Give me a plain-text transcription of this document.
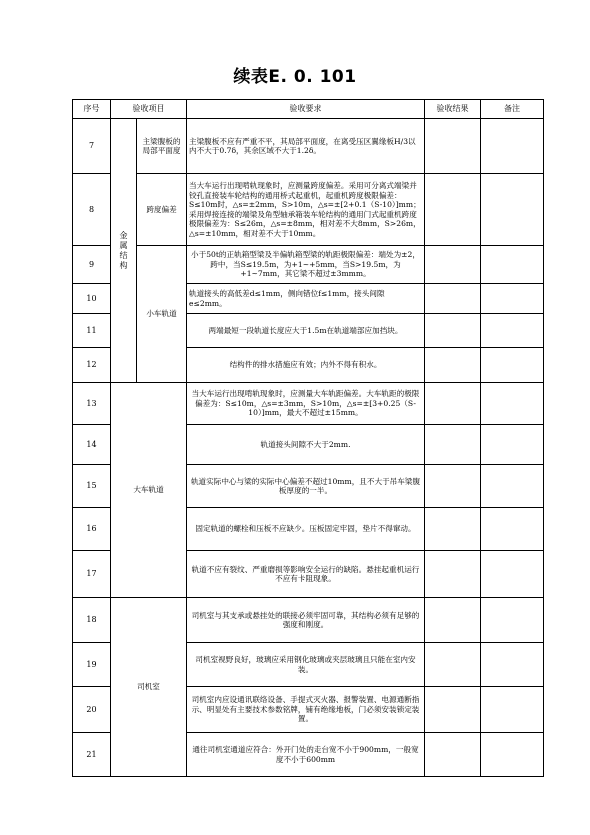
续表E. 0. 101
序号	验收项目		验收要求	验收结果	备注
7	金属结构	主梁腹板的局部平面度	主梁腹板不应有严重不平，其局部平面度，在离受压区翼缘板H/3以内不大于0.7δ，其余区域不大于1.2δ。		
8		跨度偏差	当大车运行出现啃轨现象时，应测量跨度偏差。采用可分离式端梁并铰孔直接装车轮结构的通用桥式起重机，起重机跨度极限偏差：S≤10m时，△s=±2mm，S>10m，△s=±[2+0.1（S-10）]mm；采用焊接连接的端梁及角型轴承箱装车轮结构的通用门式起重机跨度极限偏差为：S≤26m，△s=±8mm，相对差不大8mm，S>26m，△s=±10mm，相对差不大于10mm。		
9		小车轨道	小于50t的正轨箱型梁及半偏轨箱型梁的轨距极限偏差：端处为±2，跨中，当S≤19.5m，为+1~+5mm，当S>19.5m，为+1~7mm，其它梁不超过±3mmm。		
10			轨道接头的高低差d≤1mm，侧向错位f≤1mm，接头间隙e≤2mm。		
11			两端最短一段轨道长度应大于1.5m在轨道端部应加挡块。		
12			结构件的排水措施应有效；内外不得有积水。		
13	大车轨道		当大车运行出现啃轨现象时，应测量大车轨距偏差。大车轨距的极限偏差为：S≤10m，△s=±3mm，S>10m，△s=±[3+0.25（S-10）]mm，最大不超过±15mm。		
14			轨道接头间隙不大于2mm.		
15			轨道实际中心与梁的实际中心偏差不超过10mm，且不大于吊车梁腹板厚度的一半。		
16			固定轨道的螺栓和压板不应缺少。压板固定牢固，垫片不得窜动。		
17			轨道不应有裂纹、严重磨损等影响安全运行的缺陷。悬挂起重机运行不应有卡阻现象。		
18	司机室		司机室与其支承或悬挂处的联接必须牢固可靠，其结构必须有足够的强度和刚度。		
19			司机室视野良好，玻璃应采用钢化玻璃或夹层玻璃且只能在室内安装。		
20			司机室内应设通讯联络设备、手提式灭火器、报警装置、电源通断指示、明显处有主要技术参数铭牌，铺有绝缘地板，门必须安装锁定装置。		
21			通往司机室通道应符合：外开门处的走台宽不小于900mm，一般宽度不小于600mm		
